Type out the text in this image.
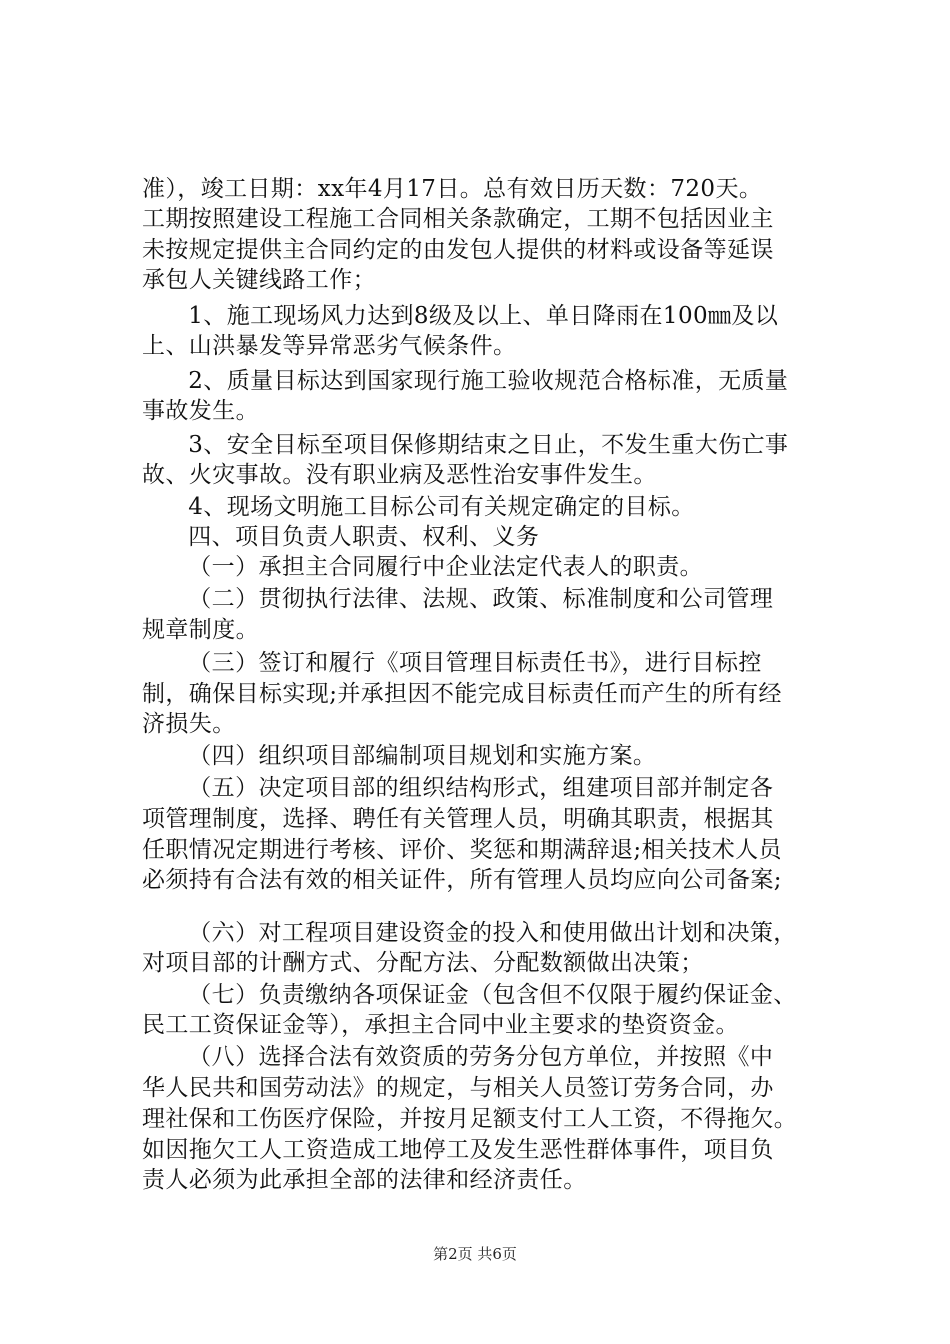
准），竣工日期：xx年4月17日。总有效日历天数：720天。
工期按照建设工程施工合同相关条款确定，工期不包括因业主
未按规定提供主合同约定的由发包人提供的材料或设备等延误
承包人关键线路工作；
1、施工现场风力达到8级及以上、单日降雨在100㎜及以
上、山洪暴发等异常恶劣气候条件。
2、质量目标达到国家现行施工验收规范合格标准，无质量
事故发生。
3、安全目标至项目保修期结束之日止，不发生重大伤亡事
故、火灾事故。没有职业病及恶性治安事件发生。
4、现场文明施工目标公司有关规定确定的目标。
四、项目负责人职责、权利、义务
（一）承担主合同履行中企业法定代表人的职责。
（二）贯彻执行法律、法规、政策、标准制度和公司管理
规章制度。
（三）签订和履行《项目管理目标责任书》，进行目标控
制，确保目标实现;并承担因不能完成目标责任而产生的所有经
济损失。
（四）组织项目部编制项目规划和实施方案。
（五）决定项目部的组织结构形式，组建项目部并制定各
项管理制度，选择、聘任有关管理人员，明确其职责，根据其
任职情况定期进行考核、评价、奖惩和期满辞退;相关技术人员
必须持有合法有效的相关证件，所有管理人员均应向公司备案;
（六）对工程项目建设资金的投入和使用做出计划和决策，
对项目部的计酬方式、分配方法、分配数额做出决策；
（七）负责缴纳各项保证金（包含但不仅限于履约保证金、
民工工资保证金等），承担主合同中业主要求的垫资资金。
（八）选择合法有效资质的劳务分包方单位，并按照《中
华人民共和国劳动法》的规定，与相关人员签订劳务合同，办
理社保和工伤医疗保险，并按月足额支付工人工资，不得拖欠。
如因拖欠工人工资造成工地停工及发生恶性群体事件，项目负
责人必须为此承担全部的法律和经济责任。
第2页 共6页
